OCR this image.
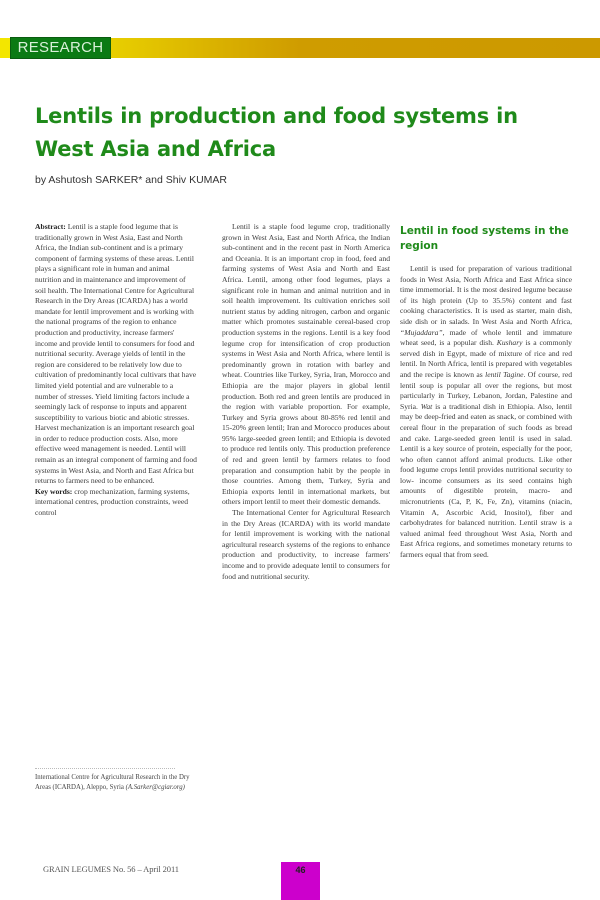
RESEARCH
Lentils in production and food systems in West Asia and Africa

by Ashutosh SARKER* and Shiv KUMAR

Abstract: Lentil is a staple food legume that is traditionally grown in West Asia, East and North Africa, the Indian sub-continent and is a primary component of farming systems of these areas. Lentil plays a significant role in human and animal nutrition and in maintenance and improvement of soil health. The International Centre for Agricultural Research in the Dry Areas (ICARDA) has a world mandate for lentil improvement and is working with the national programs of the region to enhance production and productivity, increase farmers' income and provide lentil to consumers for food and nutritional security. Average yields of lentil in the region are considered to be relatively low due to cultivation of predominantly local cultivars that have limited yield potential and are vulnerable to a number of stresses. Yield limiting factors include a seemingly lack of response to inputs and apparent susceptibility to various biotic and abiotic stresses. Harvest mechanization is an important research goal in order to reduce production costs. Also, more effective weed management is needed. Lentil will remain as an integral component of farming and food systems in West Asia, and North and East Africa but returns to farmers need to be enhanced.

Key words: crop mechanization, farming systems, international centres, production constraints, weed control

Lentil is a staple food legume crop, traditionally grown in West Asia, East and North Africa, the Indian sub-continent and in the recent past in North America and Oceania. It is an important crop in food, feed and farming systems of West Asia and North and East Africa. Lentil, among other food legumes, plays a significant role in human and animal nutrition and in soil health improvement. Its cultivation enriches soil nutrient status by adding nitrogen, carbon and organic matter which promotes sustainable cereal-based crop production systems in the regions. Lentil is a key food legume crop for intensification of crop production systems in West Asia and North Africa, where lentil is predominantly grown in rotation with barley and wheat. Countries like Turkey, Syria, Iran, Morocco and Ethiopia are the major players in global lentil production. Both red and green lentils are produced in the region with variable proportion. For example, Turkey and Syria grows about 80-85% red lentil and 15-20% green lentil; Iran and Morocco produces about 95% large-seeded green lentil; and Ethiopia is devoted to produce red lentils only. This production preference of red and green lentil by farmers relates to food preparation and consumption habit by the people in those countries. Among them, Turkey, Syria and Ethiopia exports lentil in international markets, but others import lentil to meet their domestic demands.

The International Center for Agricultural Research in the Dry Areas (ICARDA) with its world mandate for lentil improvement is working with the national agricultural research systems of the regions to enhance production and productivity, to increase farmers' income and to provide adequate lentil to consumers for food and nutritional security.

Lentil in food systems in the region

Lentil is used for preparation of various traditional foods in West Asia, North Africa and East Africa since time immemorial. It is the most desired legume because of its high protein (Up to 35.5%) content and fast cooking characteristics. It is used as starter, main dish, side dish or in salads. In West Asia and North Africa, “Mujaddara”, made of whole lentil and immature wheat seed, is a popular dish. Kushary is a commonly served dish in Egypt, made of mixture of rice and red lentil. In North Africa, lentil is prepared with vegetables and the recipe is known as lentil Tagine. Of course, red lentil soup is popular all over the regions, but most particularly in Turkey, Lebanon, Jordan, Palestine and Syria. Wat is a traditional dish in Ethiopia. Also, lentil may be deep-fried and eaten as snack, or combined with cereal flour in the preparation of such foods as bread and cake. Large-seeded green lentil is used in salad. Lentil is a key source of protein, especially for the poor, who often cannot afford animal products. Like other food legume crops lentil provides nutritional security to low- income consumers as its seed contains high amounts of digestible protein, macro- and micronutrients (Ca, P, K, Fe, Zn), vitamins (niacin, Vitamin A, Ascorbic Acid, Inositol), fiber and carbohydrates for balanced nutrition. Lentil straw is a valued animal feed throughout West Asia, North and East Africa regions, and sometimes monetary returns to farmers equal that from seed.

International Centre for Agricultural Research in the Dry Areas (ICARDA), Aleppo, Syria (A.Sarker@cgiar.org)
GRAIN LEGUMES No. 56 – April 2011	46
